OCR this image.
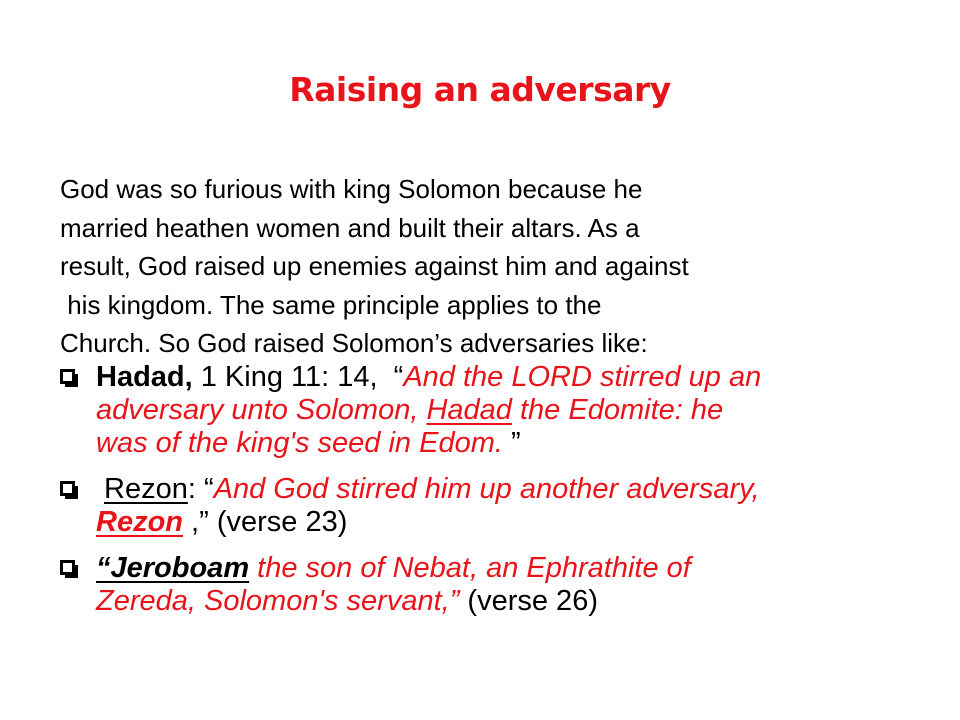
Raising an adversary
God was so furious with king Solomon because he
married heathen women and built their altars. As a
result, God raised up enemies against him and against
his kingdom. The same principle applies to the
Church. So God raised Solomon’s adversaries like:
Hadad, 1 King 11: 14,  “And the LORD stirred up an
adversary unto Solomon, Hadad the Edomite: he
was of the king's seed in Edom. ”
Rezon: “And God stirred him up another adversary,
Rezon ,” (verse 23)
“Jeroboam the son of Nebat, an Ephrathite of
Zereda, Solomon's servant,” (verse 26)
